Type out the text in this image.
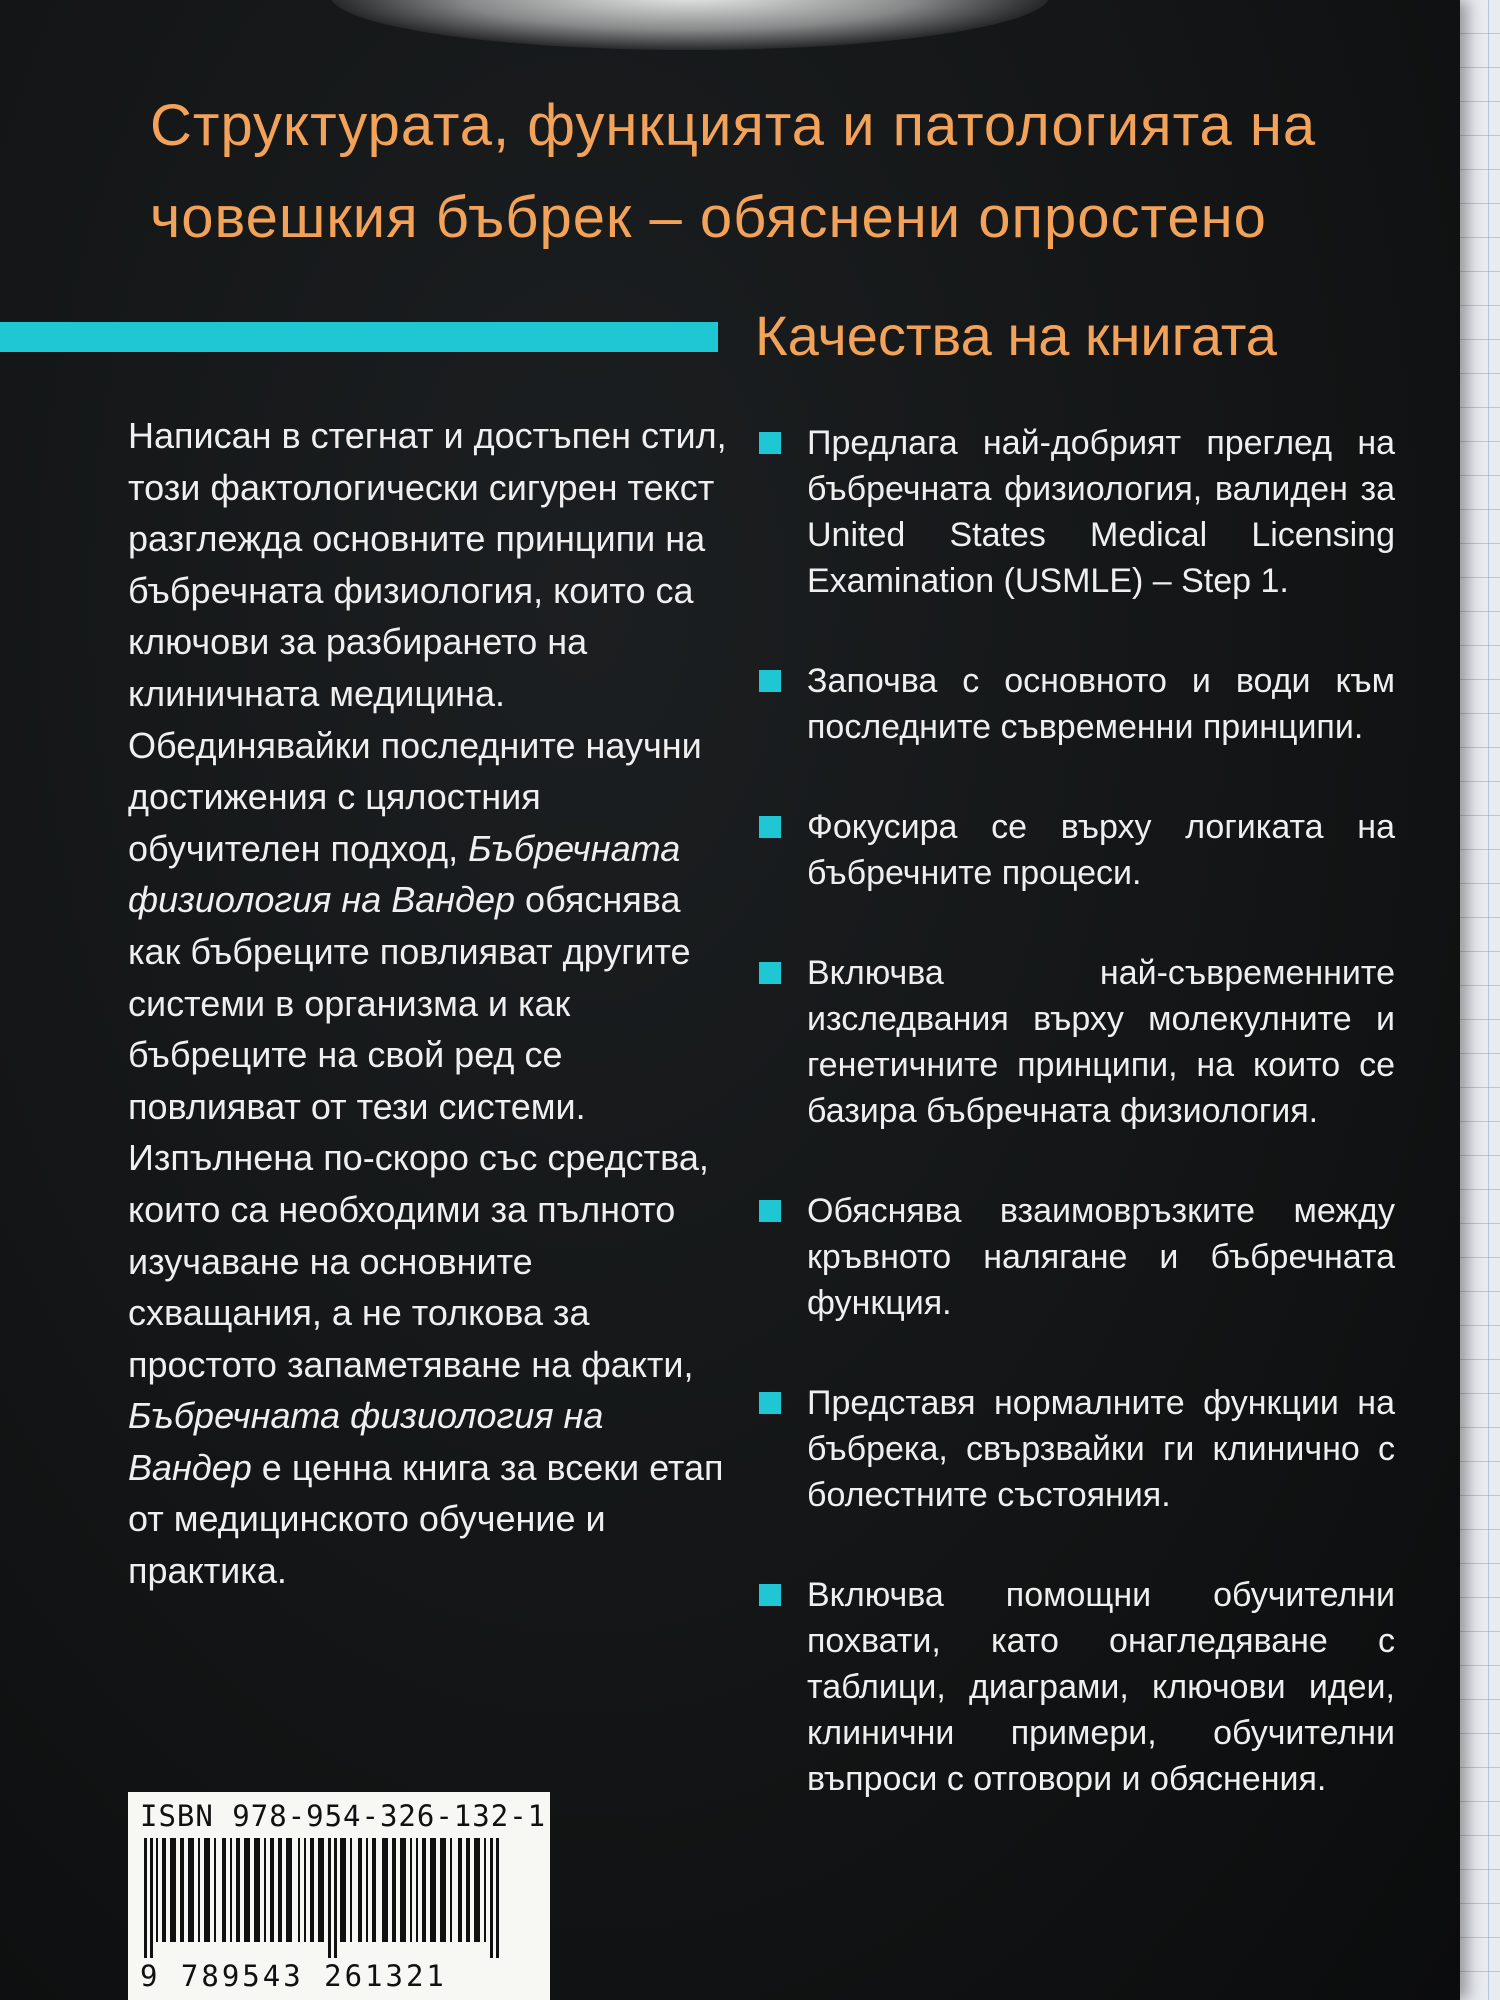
Структурата, функцията и патологията на
човешкия бъбрек – обяснени опростено
Качества на книгата

Написан в стегнат и достъпен стил, този фактологически сигурен текст разглежда основните принципи на бъбречната физиология, които са ключови за разбирането на клиничната медицина. Обединявайки последните научни достижения с цялостния обучителен подход, Бъбречната физиология на Вандер обяснява как бъбреците повлияват другите системи в организма и как бъбреците на свой ред се повлияват от тези системи. Изпълнена по-скоро със средства, които са необходими за пълното изучаване на основните схващания, а не толкова за простото запаметяване на факти, Бъбречната физиология на Вандер е ценна книга за всеки етап от медицинското обучение и практика.

Предлага най-добрият преглед на бъбречната физиология, валиден за United States Medical Licensing Examination (USMLE) – Step 1.
Започва с основното и води към последните съвременни принципи.
Фокусира се върху логиката на бъбречните процеси.
Включва най-съвременните изследвания върху молекулните и генетичните принципи, на които се базира бъбречната физиология.
Обяснява взаимовръзките между кръвното налягане и бъбречната функция.
Представя нормалните функции на бъбрека, свързвайки ги клинично с болестните състояния.
Включва помощни обучителни похвати, като онагледяване с таблици, диаграми, ключови идеи, клинични примери, обучителни въпроси с отговори и обяснения.
ISBN 978-954-326-132-1
9 789543 261321
